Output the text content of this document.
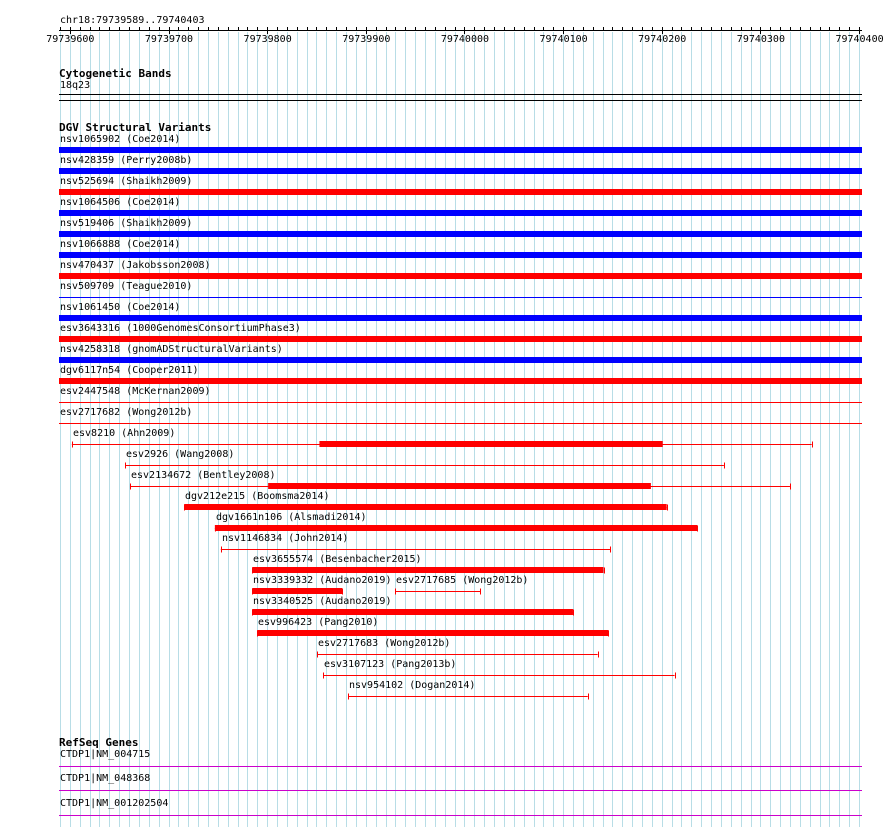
chr18:79739589..79740403
79739600	79739700	79739800	79739900	79740000	79740100	79740200	79740300	79740400
Cytogenetic Bands
18q23
DGV Structural Variants
nsv1065902 (Coe2014)
nsv428359 (Perry2008b)
nsv525694 (Shaikh2009)
nsv1064506 (Coe2014)
nsv519406 (Shaikh2009)
nsv1066888 (Coe2014)
nsv470437 (Jakobsson2008)
nsv509709 (Teague2010)
nsv1061450 (Coe2014)
esv3643316 (1000GenomesConsortiumPhase3)
nsv4258318 (gnomADStructuralVariants)
dgv6117n54 (Cooper2011)
esv2447548 (McKernan2009)
esv2717682 (Wong2012b)
esv8210 (Ahn2009)
esv2926 (Wang2008)
esv2134672 (Bentley2008)
dgv212e215 (Boomsma2014)
dgv1661n106 (Alsmadi2014)
nsv1146834 (John2014)
esv3655574 (Besenbacher2015)
nsv3339332 (Audano2019) esv2717685 (Wong2012b)
nsv3340525 (Audano2019)
esv996423 (Pang2010)
esv2717683 (Wong2012b)
esv3107123 (Pang2013b)
nsv954102 (Dogan2014)
RefSeq Genes
CTDP1|NM_004715
CTDP1|NM_048368
CTDP1|NM_001202504
